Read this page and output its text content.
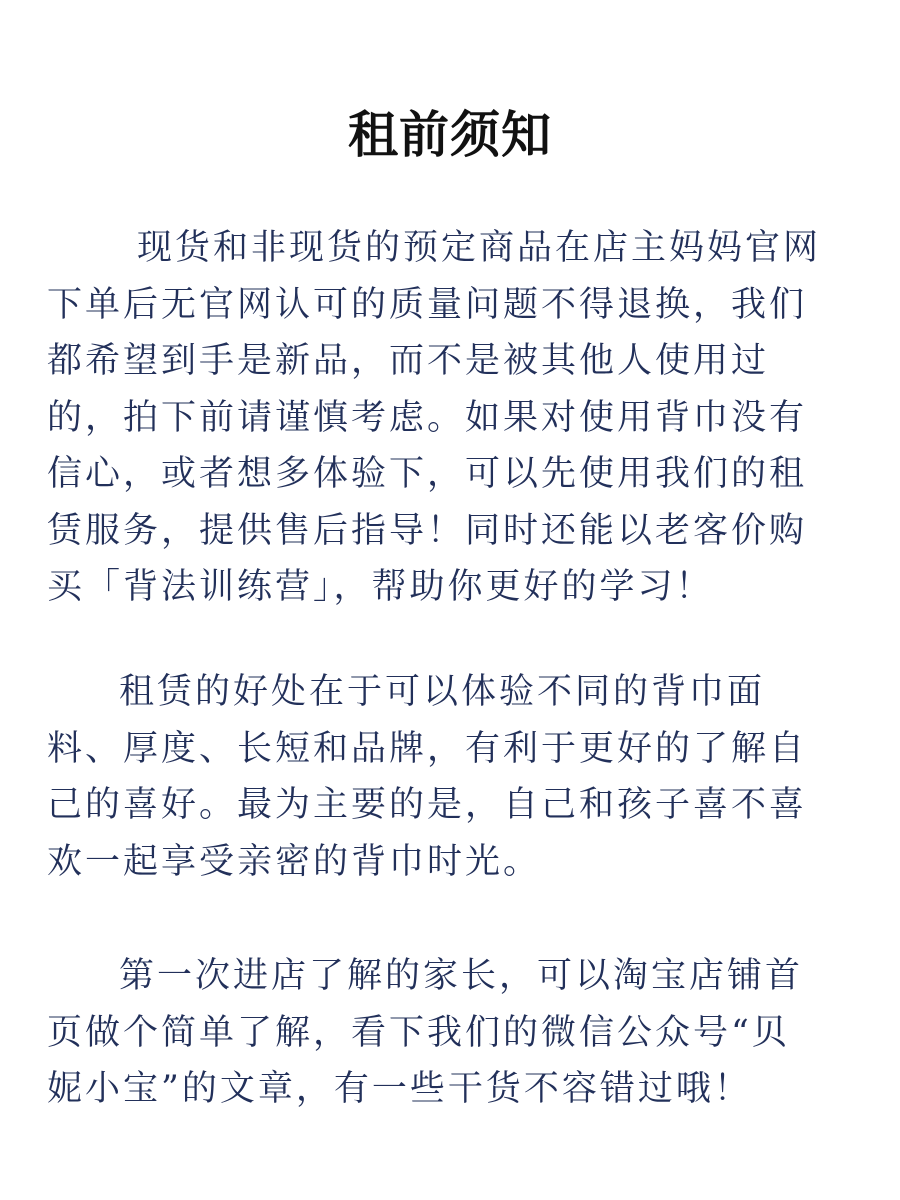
租前须知

现货和非现货的预定商品在店主妈妈官网
下单后无官网认可的质量问题不得退换，我们
都希望到手是新品，而不是被其他人使用过
的，拍下前请谨慎考虑。如果对使用背巾没有
信心，或者想多体验下，可以先使用我们的租
赁服务，提供售后指导！同时还能以老客价购
买「背法训练营」，帮助你更好的学习！

租赁的好处在于可以体验不同的背巾面
料、厚度、长短和品牌，有利于更好的了解自
己的喜好。最为主要的是，自己和孩子喜不喜
欢一起享受亲密的背巾时光。

第一次进店了解的家长，可以淘宝店铺首
页做个简单了解，看下我们的微信公众号“贝
妮小宝”的文章，有一些干货不容错过哦！
